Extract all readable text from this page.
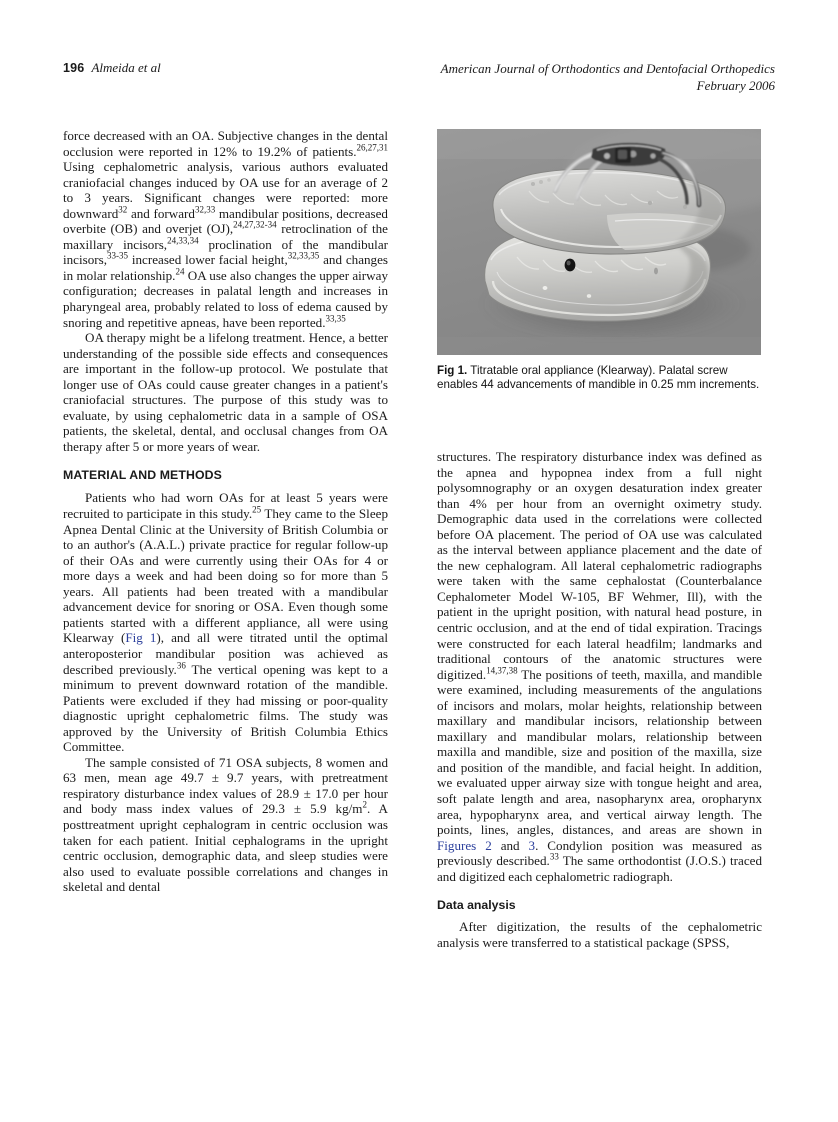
196 Almeida et al	American Journal of Orthodontics and Dentofacial Orthopedics
February 2006

force decreased with an OA. Subjective changes in the dental occlusion were reported in 12% to 19.2% of patients.$^{26,27,31}$ Using cephalometric analysis, various authors evaluated craniofacial changes induced by OA use for an average of 2 to 3 years. Significant changes were reported: more downward$^{32}$ and forward$^{32,33}$ mandibular positions, decreased overbite (OB) and overjet (OJ),$^{24,27,32-34}$ retroclination of the maxillary incisors,$^{24,33,34}$ proclination of the mandibular incisors,$^{33-35}$ increased lower facial height,$^{32,33,35}$ and changes in molar relationship.$^{24}$ OA use also changes the upper airway configuration; decreases in palatal length and increases in pharyngeal area, probably related to loss of edema caused by snoring and repetitive apneas, have been reported.$^{33,35}$

OA therapy might be a lifelong treatment. Hence, a better understanding of the possible side effects and consequences are important in the follow-up protocol. We postulate that longer use of OAs could cause greater changes in a patient's craniofacial structures. The purpose of this study was to evaluate, by using cephalometric data in a sample of OSA patients, the skeletal, dental, and occlusal changes from OA therapy after 5 or more years of wear.

MATERIAL AND METHODS

Patients who had worn OAs for at least 5 years were recruited to participate in this study.$^{25}$ They came to the Sleep Apnea Dental Clinic at the University of British Columbia or to an author's (A.A.L.) private practice for regular follow-up of their OAs and were currently using their OAs for 4 or more days a week and had been doing so for more than 5 years. All patients had been treated with a mandibular advancement device for snoring or OSA. Even though some patients started with a different appliance, all were using Klearway (Fig 1), and all were titrated until the optimal anteroposterior mandibular position was achieved as described previously.$^{36}$ The vertical opening was kept to a minimum to prevent downward rotation of the mandible. Patients were excluded if they had missing or poor-quality diagnostic upright cephalometric films. The study was approved by the University of British Columbia Ethics Committee.

The sample consisted of 71 OSA subjects, 8 women and 63 men, mean age 49.7 ± 9.7 years, with pretreatment respiratory disturbance index values of 28.9 ± 17.0 per hour and body mass index values of 29.3 ± 5.9 $kg/m^2$. A posttreatment upright cephalogram in centric occlusion was taken for each patient. Initial cephalograms in the upright centric occlusion, demographic data, and sleep studies were also used to evaluate possible correlations and changes in skeletal and dental

Fig 1. Titratable oral appliance (Klearway). Palatal screw enables 44 advancements of mandible in 0.25 mm increments.

structures. The respiratory disturbance index was defined as the apnea and hypopnea index from a full night polysomnography or an oxygen desaturation index greater than 4% per hour from an overnight oximetry study. Demographic data used in the correlations were collected before OA placement. The period of OA use was calculated as the interval between appliance placement and the date of the new cephalogram. All lateral cephalometric radiographs were taken with the same cephalostat (Counterbalance Cephalometer Model W-105, BF Wehmer, Ill), with the patient in the upright position, with natural head posture, in centric occlusion, and at the end of tidal expiration. Tracings were constructed for each lateral headfilm; landmarks and traditional contours of the anatomic structures were digitized.$^{14,37,38}$ The positions of teeth, maxilla, and mandible were examined, including measurements of the angulations of incisors and molars, molar heights, relationship between maxillary and mandibular incisors, relationship between maxillary and mandibular molars, relationship between maxilla and mandible, size and position of the maxilla, size and position of the mandible, and facial height. In addition, we evaluated upper airway size with tongue height and area, soft palate length and area, nasopharynx area, oropharynx area, hypopharynx area, and vertical airway length. The points, lines, angles, distances, and areas are shown in Figures 2 and 3. Condylion position was measured as previously described.$^{33}$ The same orthodontist (J.O.S.) traced and digitized each cephalometric radiograph.

Data analysis

After digitization, the results of the cephalometric analysis were transferred to a statistical package (SPSS,
